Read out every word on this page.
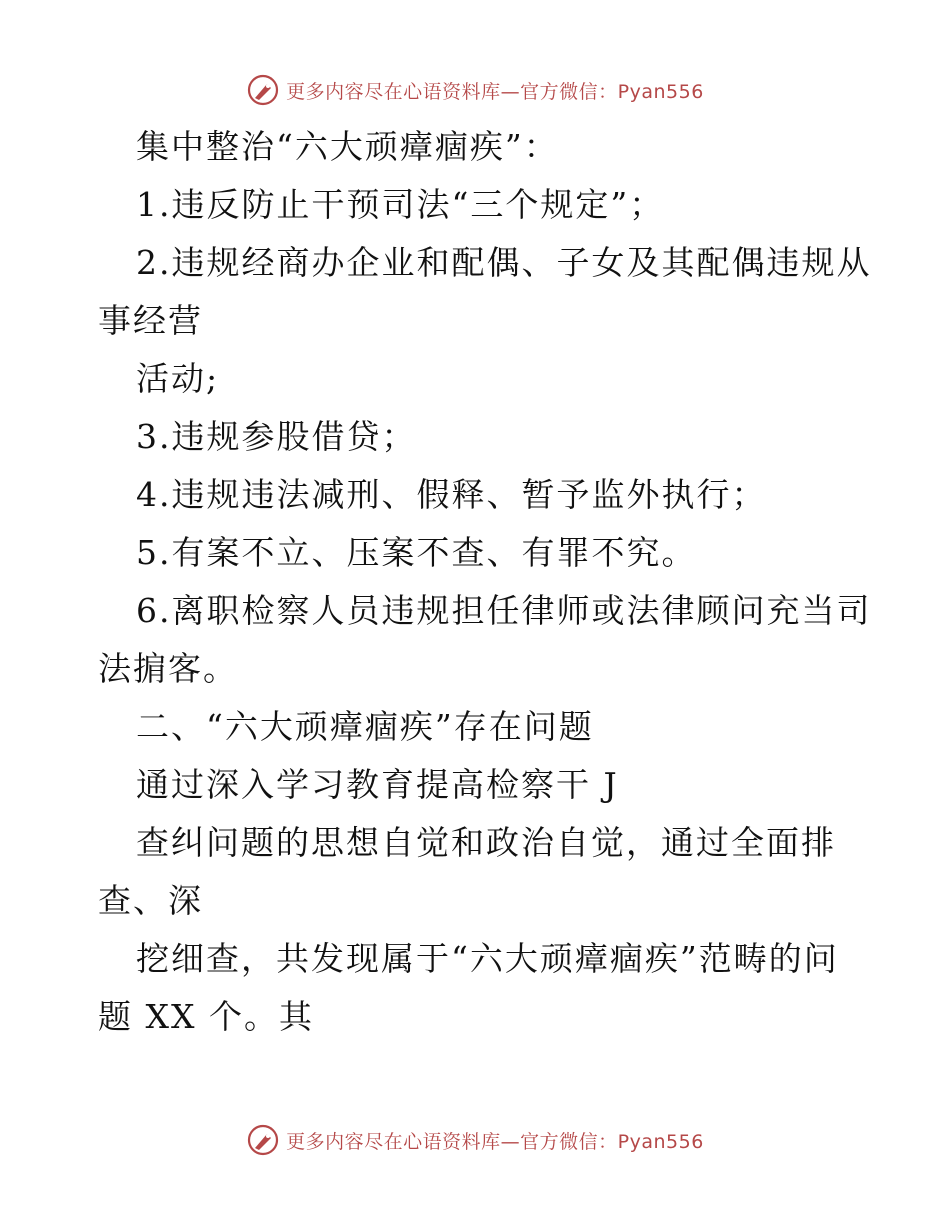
更多内容尽在心语资料库—官方微信：Pyan556
集中整治“六大顽瘴痼疾”：
1.违反防止干预司法“三个规定”；
2.违规经商办企业和配偶、子女及其配偶违规从
事经营
活动;
3.违规参股借贷；
4.违规违法减刑、假释、暂予监外执行；
5.有案不立、压案不查、有罪不究。
6.离职检察人员违规担任律师或法律顾问充当司
法掮客。
二、“六大顽瘴痼疾”存在问题
通过深入学习教育提高检察干 J
查纠问题的思想自觉和政治自觉，通过全面排
查、深
挖细查，共发现属于“六大顽瘴痼疾”范畴的问
题 XX 个。其
更多内容尽在心语资料库—官方微信：Pyan556
